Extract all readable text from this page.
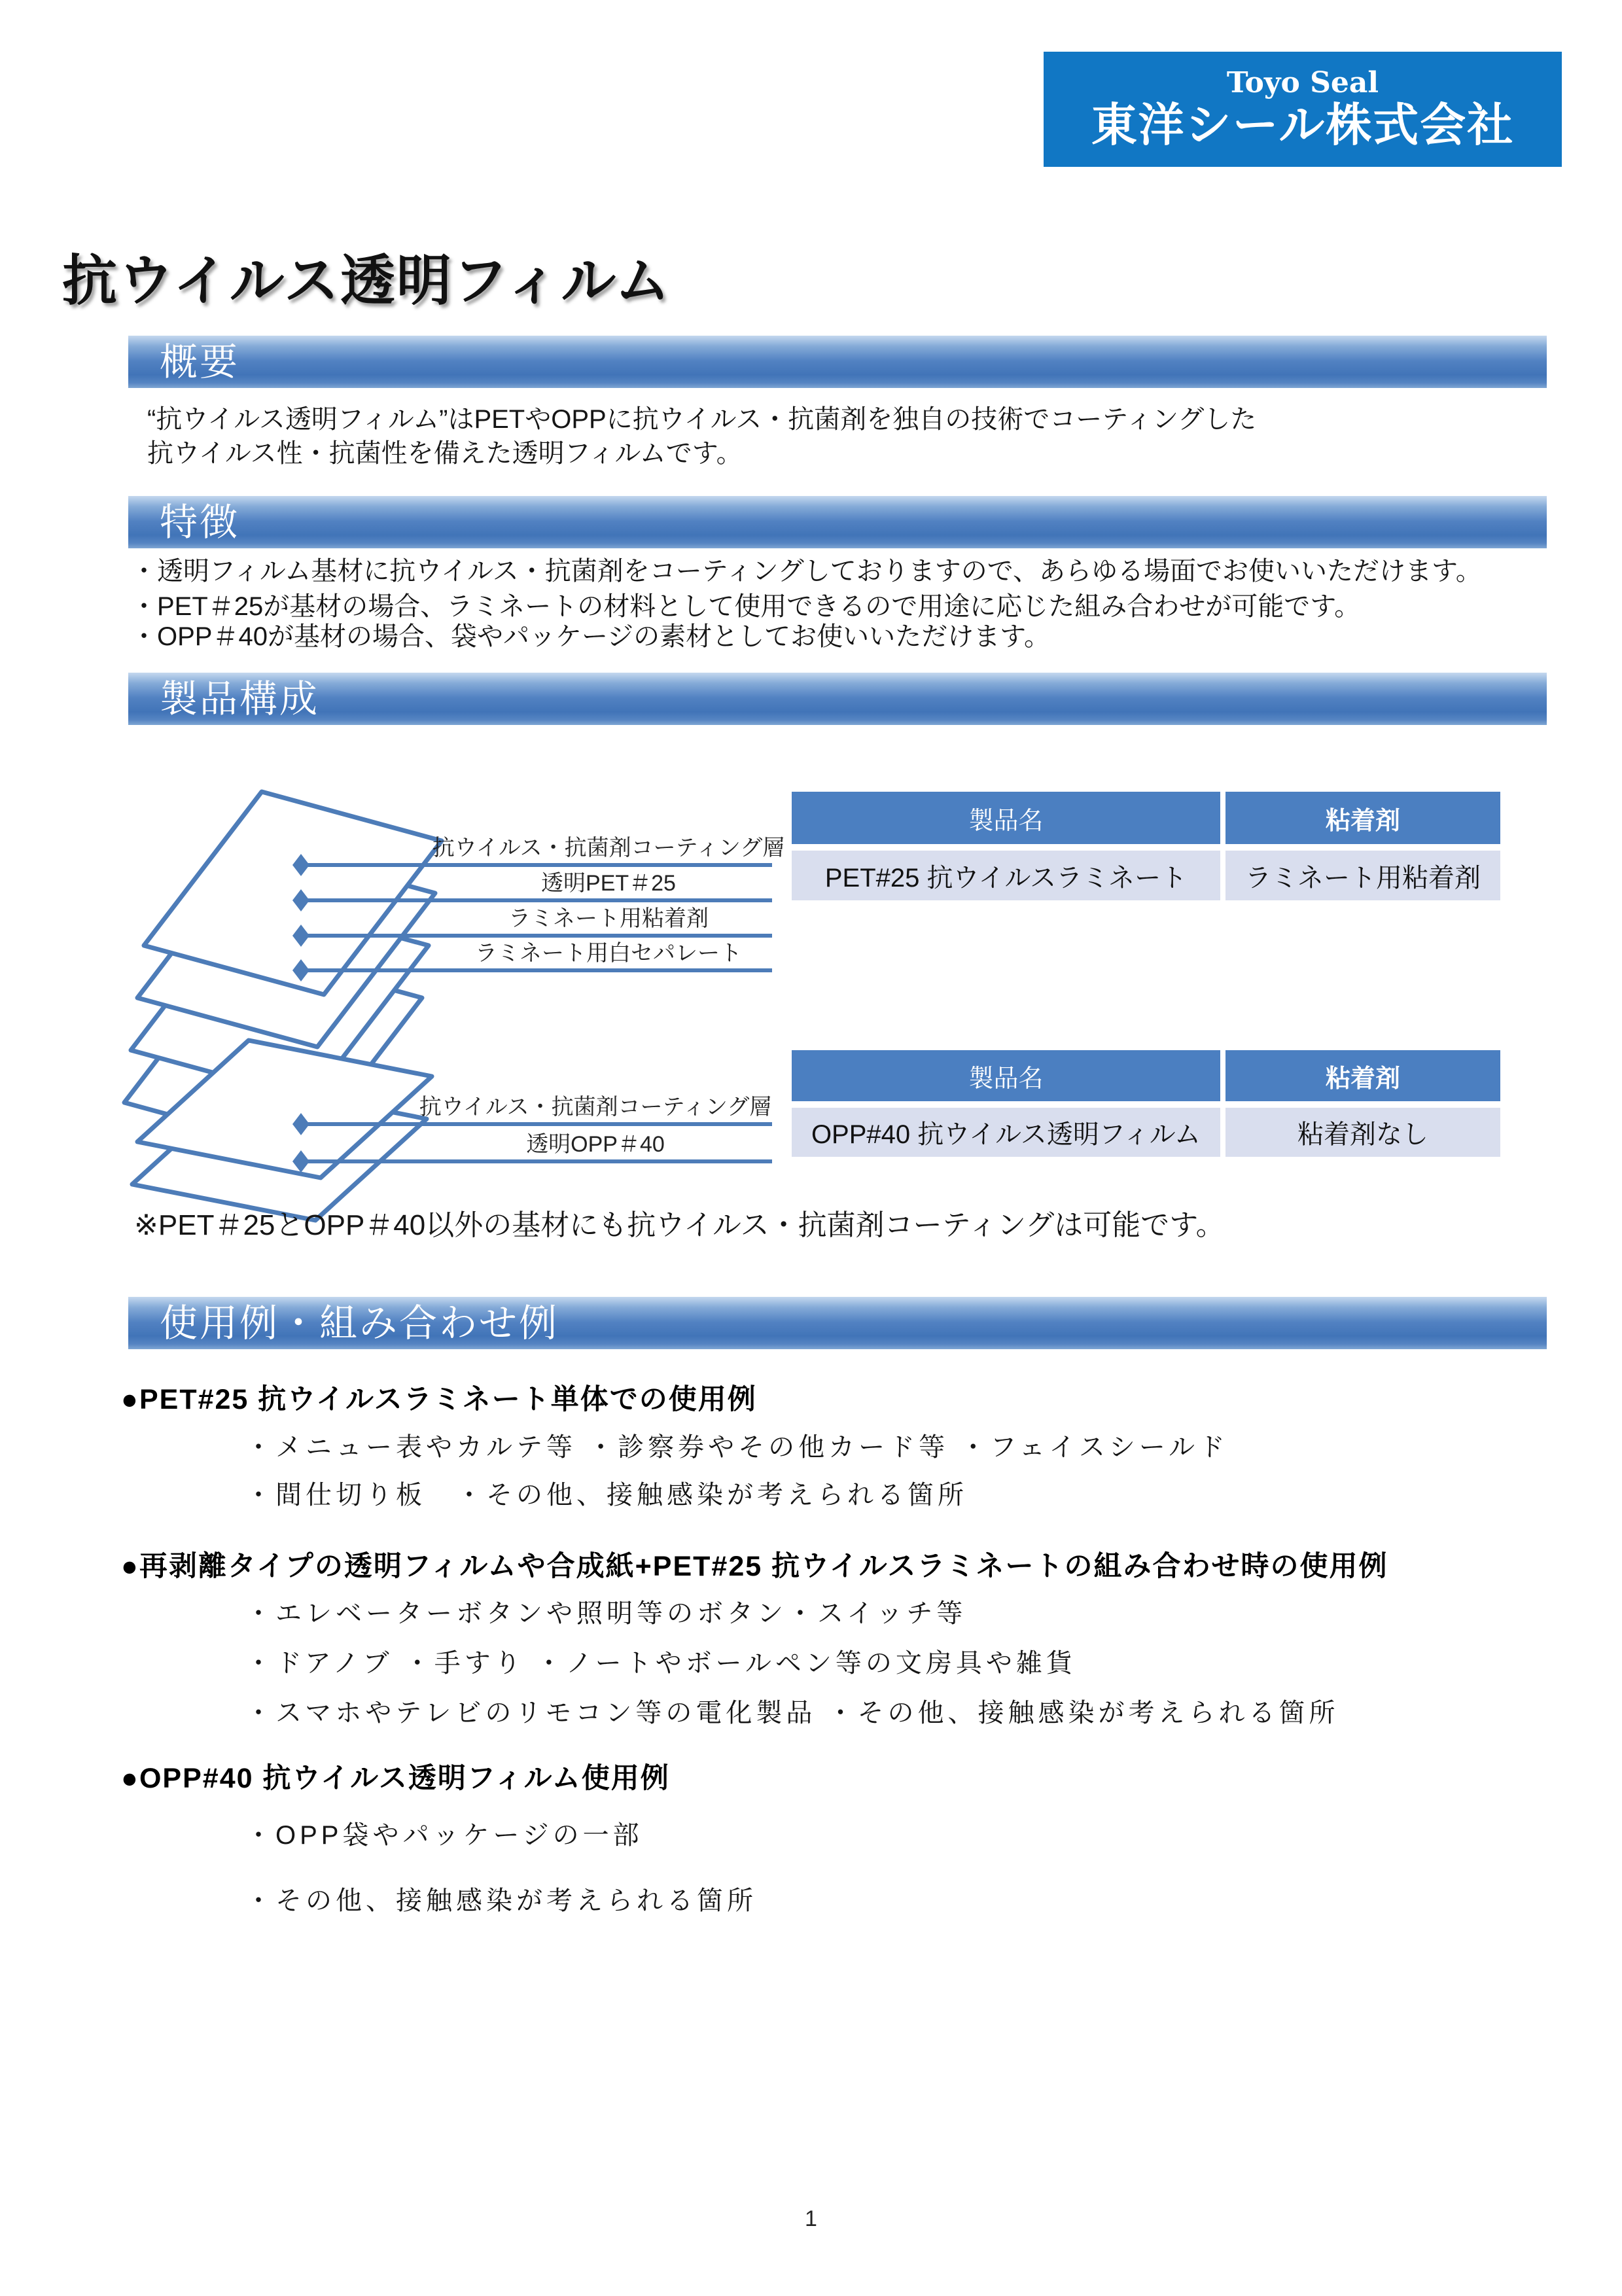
Toyo Seal
東洋シール株式会社
抗ウイルス透明フィルム
概要
“抗ウイルス透明フィルム”はPETやOPPに抗ウイルス・抗菌剤を独自の技術でコーティングした
抗ウイルス性・抗菌性を備えた透明フィルムです。
特徴
・透明フィルム基材に抗ウイルス・抗菌剤をコーティングしておりますので、あらゆる場面でお使いいただけます。
・PET＃25が基材の場合、ラミネートの材料として使用できるので用途に応じた組み合わせが可能です。
・OPP＃40が基材の場合、袋やパッケージの素材としてお使いいただけます。
製品構成
抗ウイルス・抗菌剤コーティング層
透明PET＃25
ラミネート用粘着剤
ラミネート用白セパレート
製品名	粘着剤
PET#25 抗ウイルスラミネート	ラミネート用粘着剤
抗ウイルス・抗菌剤コーティング層
透明OPP＃40
製品名	粘着剤
OPP#40 抗ウイルス透明フィルム	粘着剤なし
※PET＃25とOPP＃40以外の基材にも抗ウイルス・抗菌剤コーティングは可能です。
使用例・組み合わせ例
●PET#25 抗ウイルスラミネート単体での使用例
・メニュー表やカルテ等 ・診察券やその他カード等 ・フェイスシールド
・間仕切り板　・その他、接触感染が考えられる箇所
●再剥離タイプの透明フィルムや合成紙+PET#25 抗ウイルスラミネートの組み合わせ時の使用例
・エレベーターボタンや照明等のボタン・スイッチ等
・ドアノブ ・手すり ・ノートやボールペン等の文房具や雑貨
・スマホやテレビのリモコン等の電化製品 ・その他、接触感染が考えられる箇所
●OPP#40 抗ウイルス透明フィルム使用例
・OPP袋やパッケージの一部
・その他、接触感染が考えられる箇所
1
